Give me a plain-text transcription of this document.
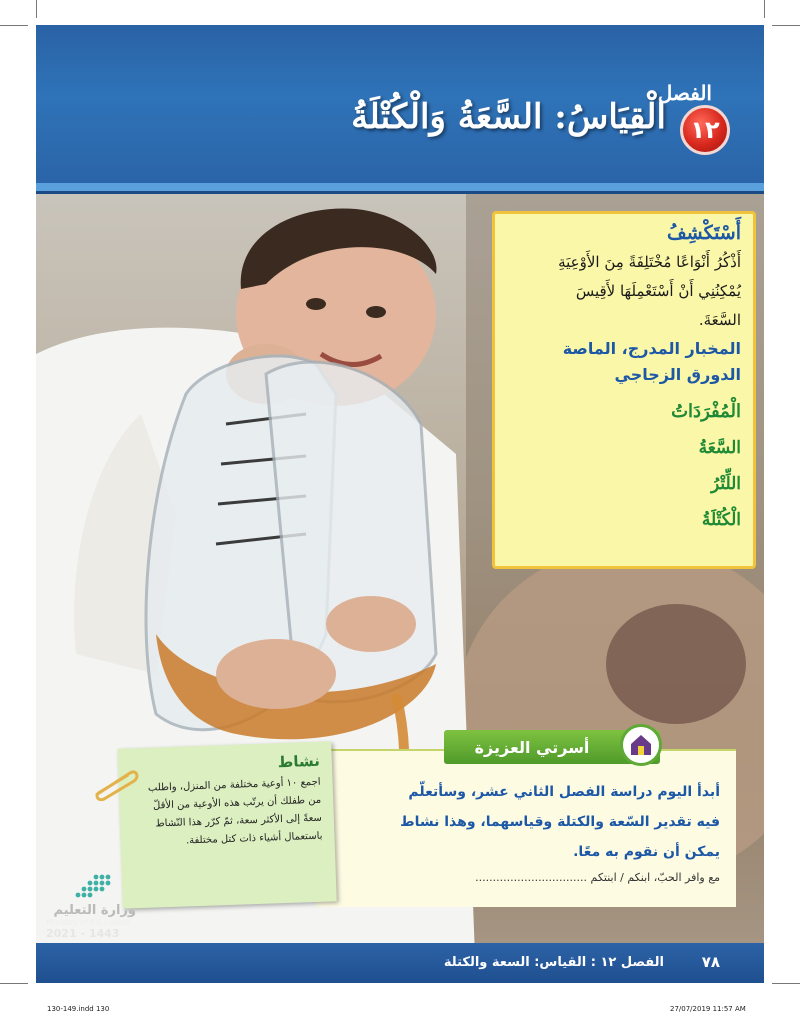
الفصل
١٢
الْقِيَاسُ: السَّعَةُ وَالْكُتْلَةُ
أَسْتَكْشِفُ
أَذْكُرُ أَنْوَاعًا مُخْتَلِفَةً مِنَ الأَوْعِيَةِ
يُمْكِنُنِي أَنْ أَسْتَعْمِلَهَا لأَقِيسَ
السَّعَةَ.
المخبار المدرج، الماصة
الدورق الزجاجي
الْمُفْرَدَاتُ
السَّعَةُ
اللِّتْرُ
الْكُتْلَةُ
أبدأ اليوم دراسة الفصل الثاني عشر، وسأتعلّم
فيه تقدير السّعة والكتلة وقياسهما، وهذا نشاط
يمكن أن نقوم به معًا.
مع وافر الحبّ، ابنكم / ابنتكم ................................
أسرتي العزيزة
نشاط
اجمع ١٠ أوعية مختلفة من المنزل، واطلب
من طفلك أن يرتّب هذه الأوعية من الأقلّ
سعةً إلى الأكثر سعة، ثمّ كرّر هذا النّشاط
باستعمال أشياء ذات كتل مختلفة.
وزارة التعليم
Ministry of Education
2021 - 1443
الفصل ١٢ : القياس: السعة والكتلة	٧٨
130-149.indd 130	27/07/2019 11:57 AM
